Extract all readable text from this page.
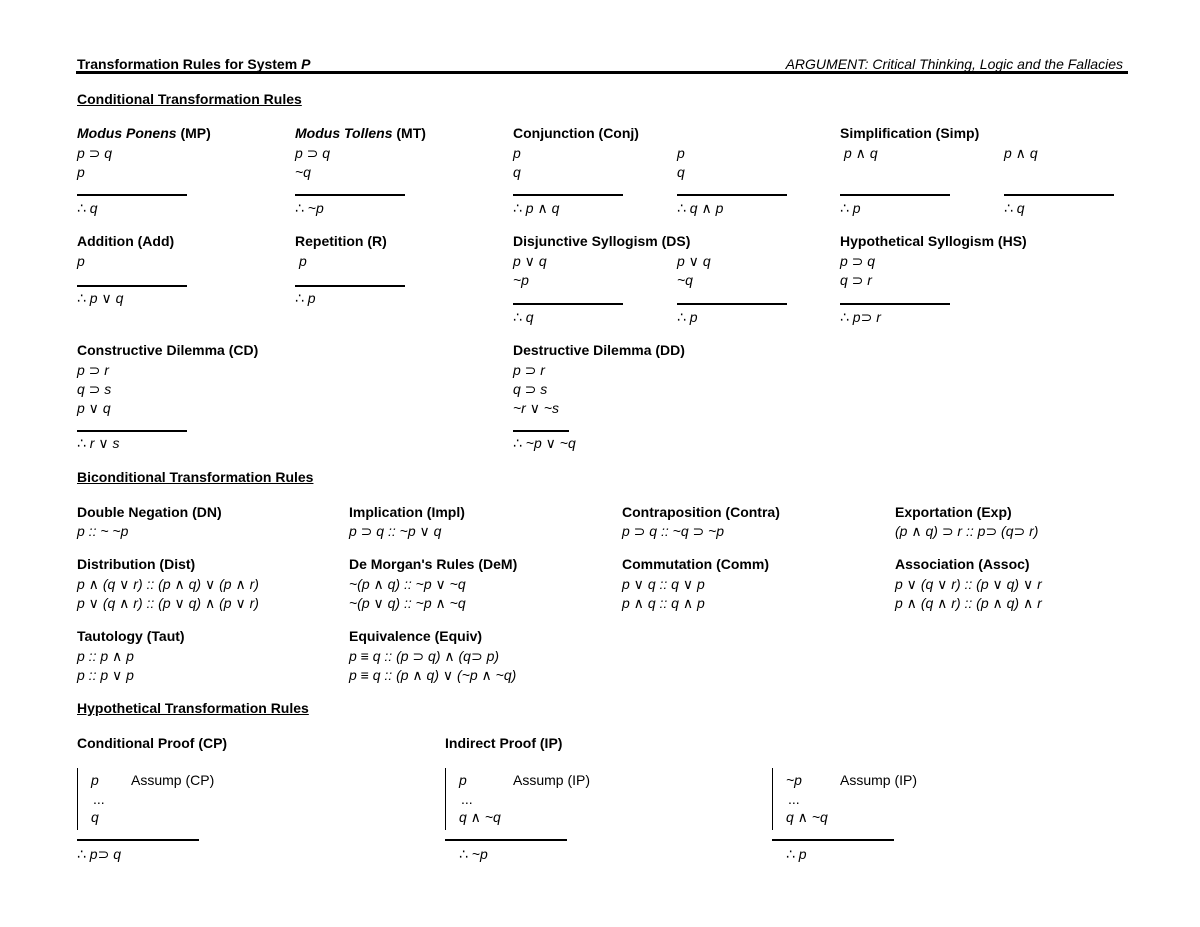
Transformation Rules for System P	ARGUMENT: Critical Thinking, Logic and the Fallacies
Conditional Transformation Rules
Modus Ponens (MP)
p ⊃ q
p
∴ q
Modus Tollens (MT)
p ⊃ q
~q
∴ ~p
Conjunction (Conj)
p
q
∴ p ∧ q
p
q
∴ q ∧ p
Simplification (Simp)
p ∧ q
∴ p
p ∧ q
∴ q
Addition (Add)
p
∴ p ∨ q
Repetition (R)
p
∴ p
Disjunctive Syllogism (DS)
p ∨ q
~p
∴ q
p ∨ q
~q
∴ p
Hypothetical Syllogism (HS)
p ⊃ q
q ⊃ r
∴ p⊃ r
Constructive Dilemma (CD)
p ⊃ r
q ⊃ s
p ∨ q
∴ r ∨ s
Destructive Dilemma (DD)
p ⊃ r
q ⊃ s
~r ∨ ~s
∴ ~p ∨ ~q
Biconditional Transformation Rules
Double Negation (DN)
p :: ~ ~p
Implication (Impl)
p ⊃ q :: ~p ∨ q
Contraposition (Contra)
p ⊃ q :: ~q ⊃ ~p
Exportation (Exp)
(p ∧ q) ⊃ r :: p⊃ (q⊃ r)
Distribution (Dist)
p ∧ (q ∨ r) :: (p ∧ q) ∨ (p ∧ r)
p ∨ (q ∧ r) :: (p ∨ q) ∧ (p ∨ r)
De Morgan's Rules (DeM)
~(p ∧ q) :: ~p ∨ ~q
~(p ∨ q) :: ~p ∧ ~q
Commutation (Comm)
p ∨ q :: q ∨ p
p ∧ q :: q ∧ p
Association (Assoc)
p ∨ (q ∨ r) :: (p ∨ q) ∨ r
p ∧ (q ∧ r) :: (p ∧ q) ∧ r
Tautology (Taut)
p :: p ∧ p
p :: p ∨ p
Equivalence (Equiv)
p ≡ q :: (p ⊃ q) ∧ (q⊃ p)
p ≡ q :: (p ∧ q) ∨ (~p ∧ ~q)
Hypothetical Transformation Rules
Conditional Proof (CP)	Indirect Proof (IP)
p Assump (CP)
...
q
∴ p⊃ q
p	Assump (IP)
...
q ∧ ~q
∴ ~p
~p	Assump (IP)
...
q ∧ ~q
∴ p
